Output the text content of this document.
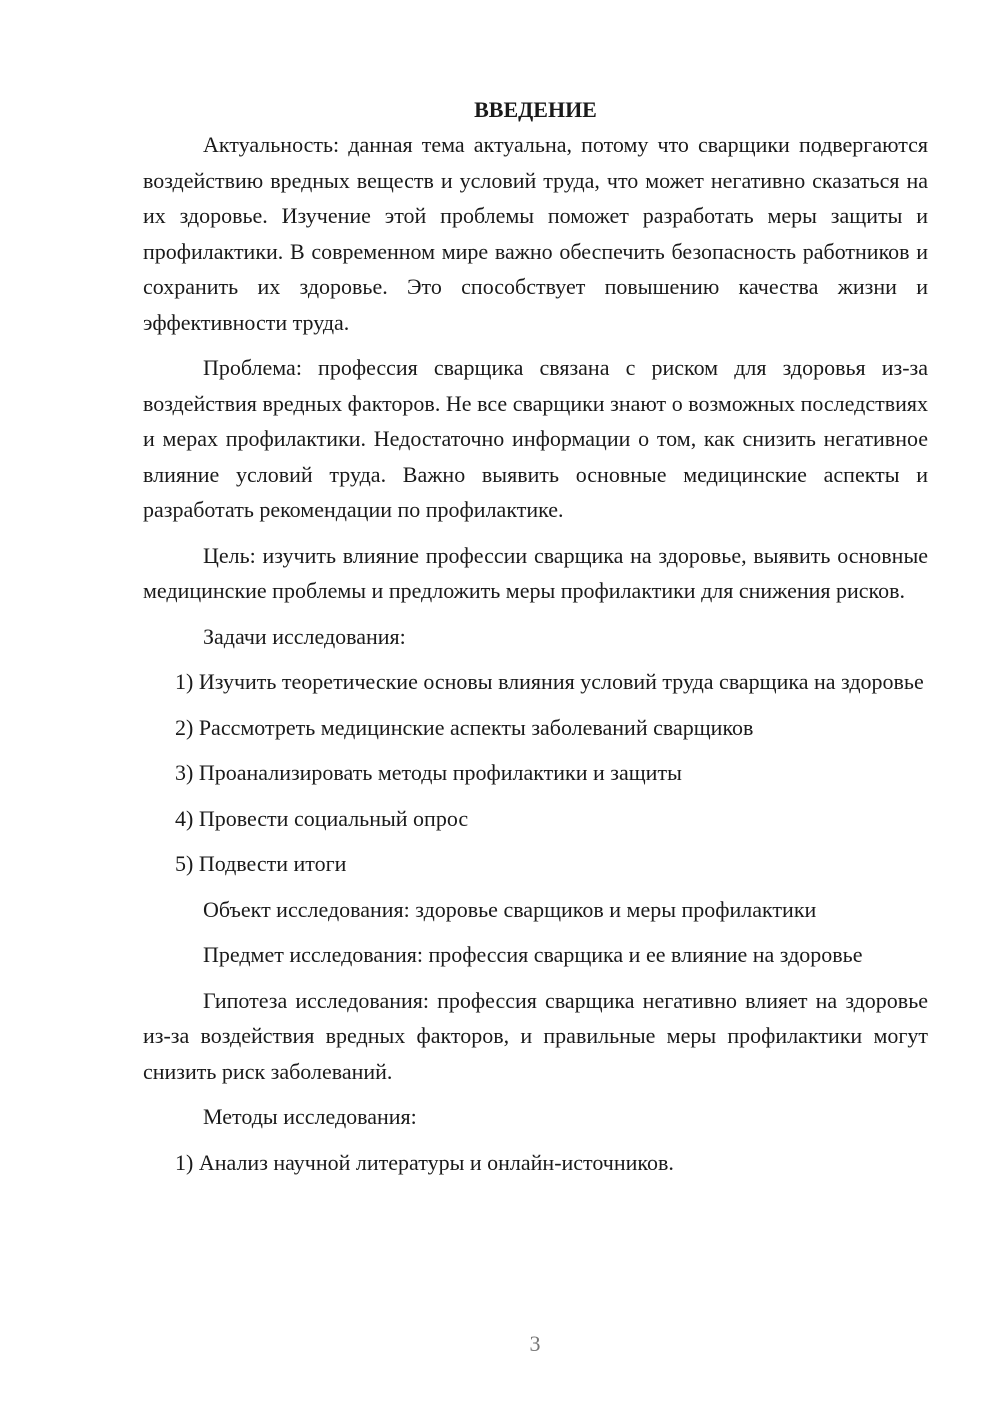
ВВЕДЕНИЕ

Актуальность: данная тема актуальна, потому что сварщики подвергаются воздействию вредных веществ и условий труда, что может негативно сказаться на их здоровье. Изучение этой проблемы поможет разработать меры защиты и профилактики. В современном мире важно обеспечить безопасность работников и сохранить их здоровье. Это способствует повышению качества жизни и эффективности труда.

Проблема: профессия сварщика связана с риском для здоровья из-за воздействия вредных факторов. Не все сварщики знают о возможных последствиях и мерах профилактики. Недостаточно информации о том, как снизить негативное влияние условий труда. Важно выявить основные медицинские аспекты и разработать рекомендации по профилактике.

Цель: изучить влияние профессии сварщика на здоровье, выявить основные медицинские проблемы и предложить меры профилактики для снижения рисков.

Задачи исследования:

1) Изучить теоретические основы влияния условий труда сварщика на здоровье

2) Рассмотреть медицинские аспекты заболеваний сварщиков

3) Проанализировать методы профилактики и защиты

4) Провести социальный опрос

5) Подвести итоги

Объект исследования: здоровье сварщиков и меры профилактики

Предмет исследования: профессия сварщика и ее влияние на здоровье

Гипотеза исследования: профессия сварщика негативно влияет на здоровье из-за воздействия вредных факторов, и правильные меры профилактики могут снизить риск заболеваний.

Методы исследования:

1) Анализ научной литературы и онлайн-источников.

3
